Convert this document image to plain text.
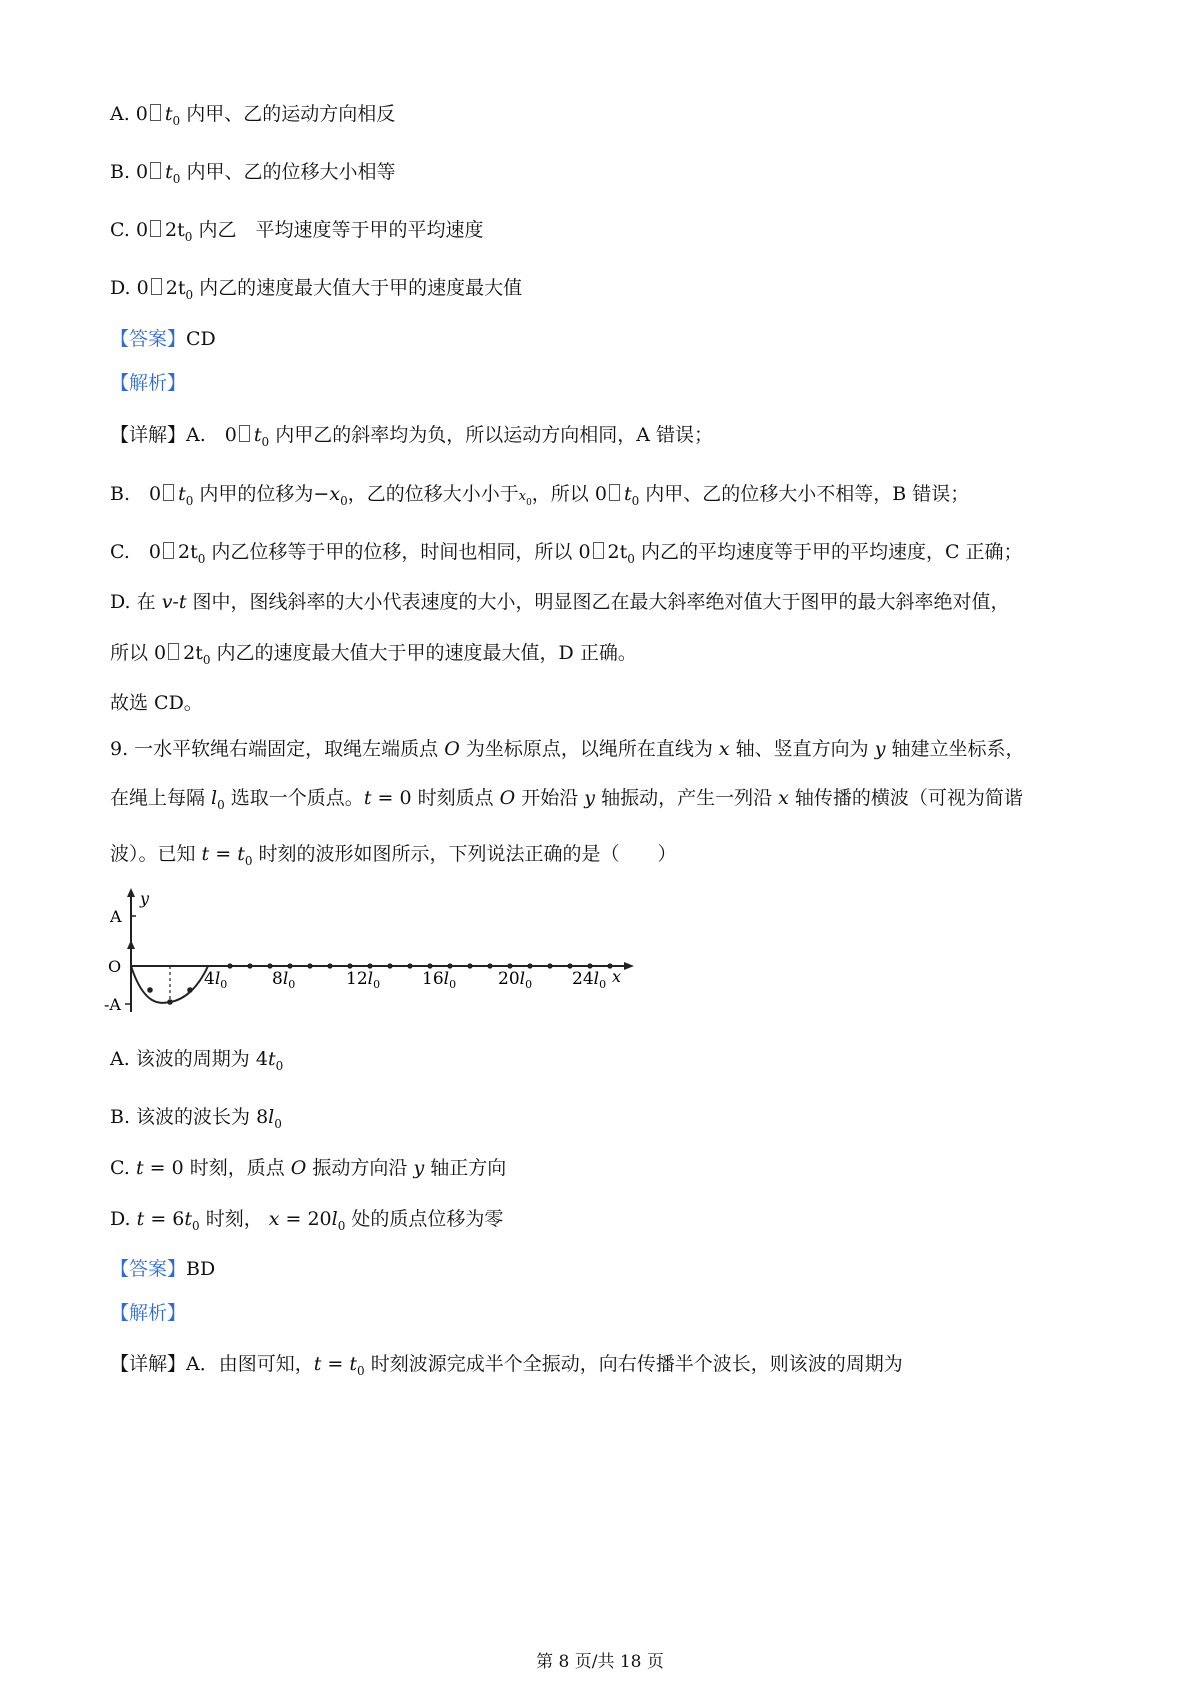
A. 0 $t_0$ 内甲、乙的运动方向相反
B. 0 $t_0$ 内甲、乙的位移大小相等
C. 0 $2t_0$ 内乙　平均速度等于甲的平均速度
D. 0 $2t_0$ 内乙的速度最大值大于甲的速度最大值
【答案】CD
【解析】
【详解】A.　0 $t_0$ 内甲乙的斜率均为负，所以运动方向相同，A 错误；
B.　0 $t_0$ 内甲的位移为$-x_0$，乙的位移大小小于$x_0$，所以 0 $t_0$ 内甲、乙的位移大小不相等，B 错误；
C.　0 $2t_0$ 内乙位移等于甲的位移，时间也相同，所以 0 $2t_0$ 内乙的平均速度等于甲的平均速度，C 正确；
D. 在 v-t 图中，图线斜率的大小代表速度的大小，明显图乙在最大斜率绝对值大于图甲的最大斜率绝对值，
所以 0 $2t_0$ 内乙的速度最大值大于甲的速度最大值，D 正确。
故选 CD。
9. 一水平软绳右端固定，取绳左端质点 O 为坐标原点，以绳所在直线为 x 轴、竖直方向为 y 轴建立坐标系，
在绳上每隔 $l_0$ 选取一个质点。t = 0 时刻质点 O 开始沿 y 轴振动，产生一列沿 x 轴传播的横波（可视为简谐
波）。已知 $t = t_0$ 时刻的波形如图所示，下列说法正确的是（　　）
O
-A
x
$4l_0$	$8l_0$	$12l_0$ $16l_0$ $20l_0$ $24l_0$
A
y
A. 该波的周期为 $4t_0$
B. 该波的波长为 $8l_0$
C. t = 0 时刻，质点 O 振动方向沿 y 轴正方向
D. $t = 6t_0$ 时刻， $x = 20l_0$ 处的质点位移为零
【答案】BD
【解析】
【详解】A．由图可知，$t = t_0$ 时刻波源完成半个全振动，向右传播半个波长，则该波的周期为
第 8 页/共 18 页
